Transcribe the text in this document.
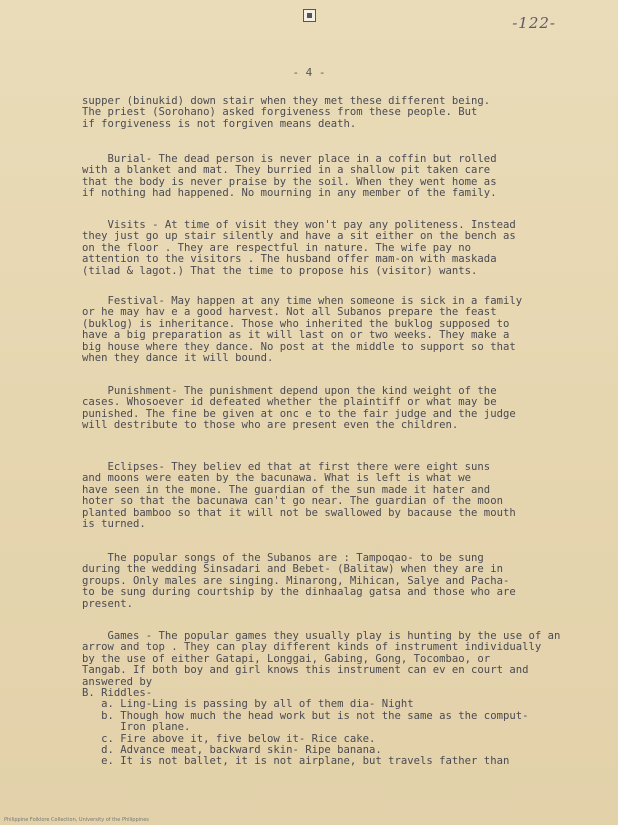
-122-
- 4 -

supper (binukid) down stair when they met these different being.

The priest (Sorohano) asked forgiveness from these people. But

if forgiveness is not forgiven means death.

Burial- The dead person is never place in a coffin but rolled

with a blanket and mat. They burried in a shallow pit taken care

that the body is never praise by the soil. When they went home as

if nothing had happened. No mourning in any member of the family.

Visits - At time of visit they won't pay any politeness. Instead

they just go up stair silently and have a sit either on the bench as

on the floor . They are respectful in nature. The wife pay no

attention to the visitors . The husband offer mam-on with maskada

(tilad & lagot.) That the time to propose his (visitor) wants.

Festival- May happen at any time when someone is sick in a family

or he may hav e a good harvest. Not all Subanos prepare the feast

(buklog) is inheritance. Those who inherited the buklog supposed to

have a big preparation as it will last on or two weeks. They make a

big house where they dance. No post at the middle to support so that

when they dance it will bound.

Punishment- The punishment depend upon the kind weight of the

cases. Whosoever id defeated whether the plaintiff or what may be

punished. The fine be given at onc e to the fair judge and the judge

will destribute to those who are present even the children.

Eclipses- They believ ed that at first there were eight suns

and moons were eaten by the bacunawa. What is left is what we

have seen in the mone. The guardian of the sun made it hater and

hoter so that the bacunawa can't go near. The guardian of the moon

planted bamboo so that it will not be swallowed by bacause the mouth

is turned.

The popular songs of the Subanos are : Tampoqao- to be sung

during the wedding Sinsadari and Bebet- (Balitaw) when they are in

groups. Only males are singing. Minarong, Mihican, Salye and Pacha-

to be sung during courtship by the dinhaalag gatsa and those who are

present.

Games - The popular games they usually play is hunting by the use of an

arrow and top . They can play different kinds of instrument individually

by the use of either Gatapi, Longgai, Gabing, Gong, Tocombao, or

Tangab. If both boy and girl knows this instrument can ev en court and

answered by

B. Riddles-

a. Ling-Ling is passing by all of them dia- Night

b. Though how much the head work but is not the same as the comput-

Iron plane.

c. Fire above it, five below it- Rice cake.

d. Advance meat, backward skin- Ripe banana.

e. It is not ballet, it is not airplane, but travels father than

Philippine Folklore Collection, University of the Philippines
